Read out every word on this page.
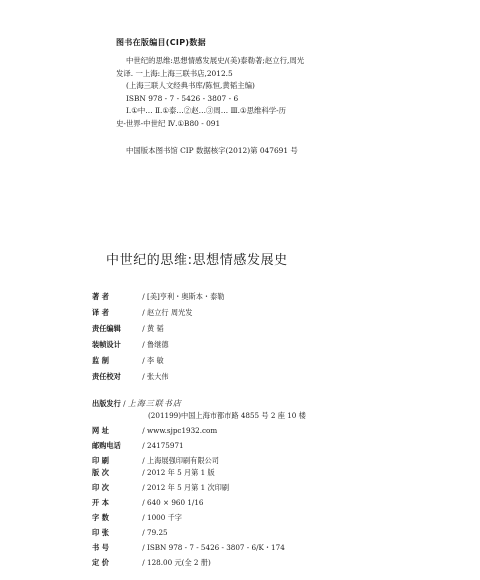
图书在版编目(CIP)数据
中世纪的思维:思想情感发展史/(美)泰勒著;赵立行,周光
发译. 一上海:上海三联书店,2012.5
(上海三联人文经典书库/陈恒,黄韬主编)
ISBN 978 - 7 - 5426 - 3807 - 6
Ⅰ.①中… Ⅱ.①泰…②赵…③周… Ⅲ.①思维科学-历
史-世界-中世纪 Ⅳ.①B80 - 091
中国版本图书馆 CIP 数据核字(2012)第 047691 号
中世纪的思维:思想情感发展史
著 者	/ [美]亨利・奥斯本・泰勒
译 者	/ 赵立行 周光发
责任编辑	/ 黄 韬
装帧设计	/ 鲁继德
监 制	/ 李 敏
责任校对	/ 张大伟
出版发行 / 上海三联书店
(201199)中国上海市都市路 4855 号 2 座 10 楼
网 址	/ www.sjpc1932.com
邮购电话	/ 24175971
印 刷	/ 上海展强印刷有限公司
版 次	/ 2012 年 5 月第 1 版
印 次	/ 2012 年 5 月第 1 次印刷
开 本	/ 640 × 960 1/16
字 数	/ 1000 千字
印 张	/ 79.25
书 号	/ ISBN 978 - 7 - 5426 - 3807 - 6/K・174
定 价	/ 128.00 元(全 2 册)
